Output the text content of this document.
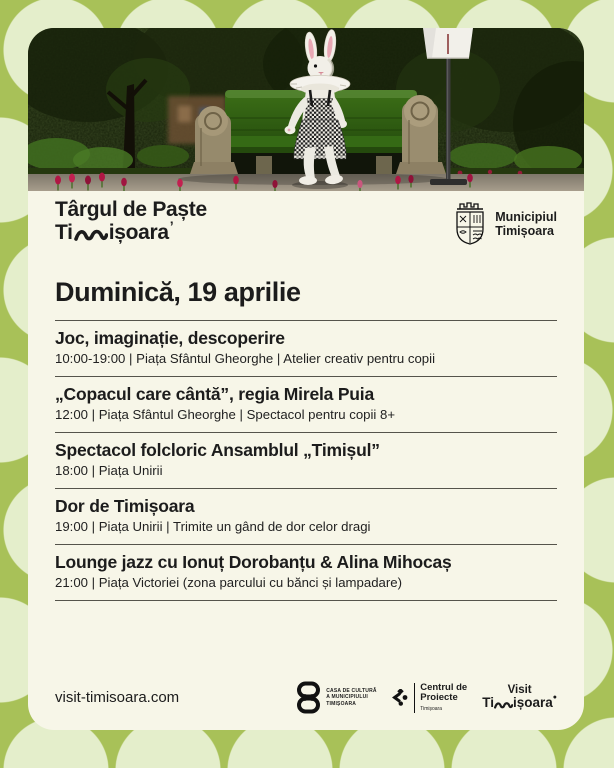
Târgul de Paște
Ti ișoara ’
Municipiul
Timișoara
Duminică, 19 aprilie
Joc, imaginație, descoperire
10:00-19:00 | Piața Sfântul Gheorghe | Atelier creativ pentru copii
„Copacul care cântă”, regia Mirela Puia
12:00 | Piața Sfântul Gheorghe | Spectacol pentru copii 8+
Spectacol folcloric Ansamblul „Timișul”
18:00 | Piața Unirii
Dor de Timișoara
19:00 | Piața Unirii | Trimite un gând de dor celor dragi
Lounge jazz cu Ionuț Dorobanțu & Alina Mihocaș
21:00 | Piața Victoriei (zona parcului cu bănci și lampadare)
visit-timisoara.com	CASA DE CULTURĂ
A MUNICIPIULUI
TIMIȘOARA
Centrul de
Proiecte
Timișoara
Visit
Ti ișoara ●
